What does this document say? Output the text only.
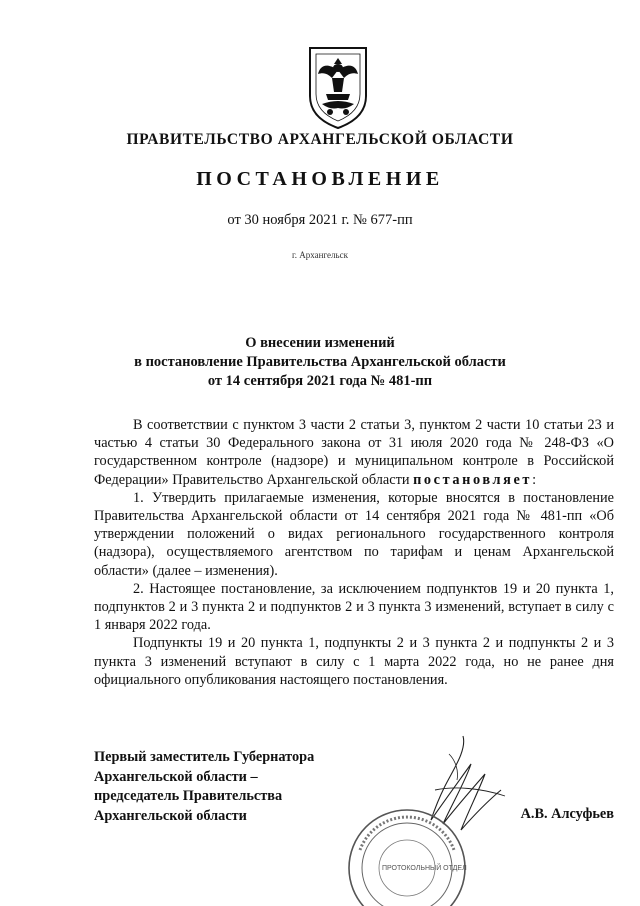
ПРАВИТЕЛЬСТВО АРХАНГЕЛЬСКОЙ ОБЛАСТИ
ПОСТАНОВЛЕНИЕ
от 30 ноября 2021 г. № 677-пп
г. Архангельск
О внесении изменений
в постановление Правительства Архангельской области
от 14 сентября 2021 года № 481-пп

В соответствии с пунктом 3 части 2 статьи 3, пунктом 2 части 10 статьи 23 и частью 4 статьи 30 Федерального закона от 31 июля 2020 года № 248-ФЗ «О государственном контроле (надзоре) и муниципальном контроле в Российской Федерации» Правительство Архангельской области постановляет:

1. Утвердить прилагаемые изменения, которые вносятся в постановление Правительства Архангельской области от 14 сентября 2021 года № 481-пп «Об утверждении положений о видах регионального государственного контроля (надзора), осуществляемого агентством по тарифам и ценам Архангельской области» (далее – изменения).

2. Настоящее постановление, за исключением подпунктов 19 и 20 пункта 1, подпунктов 2 и 3 пункта 2 и подпунктов 2 и 3 пункта 3 изменений, вступает в силу с 1 января 2022 года.

Подпункты 19 и 20 пункта 1, подпункты 2 и 3 пункта 2 и подпункты 2 и 3 пункта 3 изменений вступают в силу с 1 марта 2022 года, но не ранее дня официального опубликования настоящего постановления.

Первый заместитель Губернатора
Архангельской области –
председатель Правительства
Архангельской области
ПРОТОКОЛЬНЫЙ ОТДЕЛ
А.В. Алсуфьев
